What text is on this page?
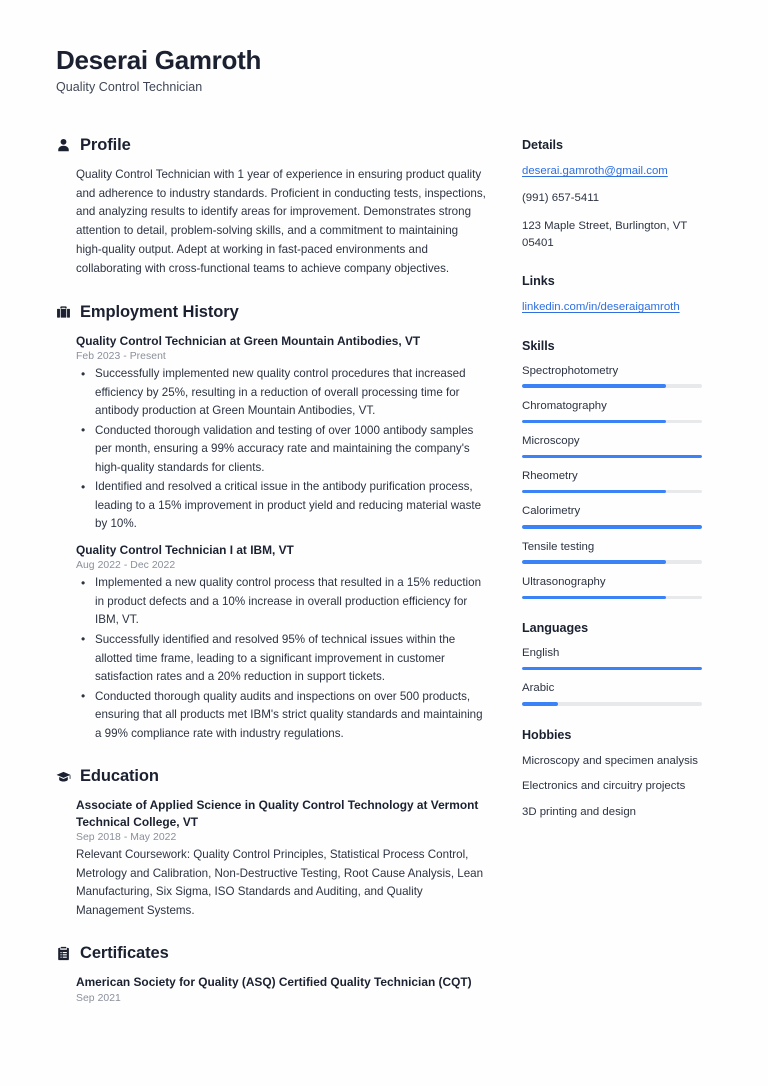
Deserai Gamroth
Quality Control Technician
Profile
Quality Control Technician with 1 year of experience in ensuring product quality and adherence to industry standards. Proficient in conducting tests, inspections, and analyzing results to identify areas for improvement. Demonstrates strong attention to detail, problem-solving skills, and a commitment to maintaining high-quality output. Adept at working in fast-paced environments and collaborating with cross-functional teams to achieve company objectives.
Employment History
Quality Control Technician at Green Mountain Antibodies, VT
Feb 2023 - Present
• Successfully implemented new quality control procedures that increased efficiency by 25%, resulting in a reduction of overall processing time for antibody production at Green Mountain Antibodies, VT.
• Conducted thorough validation and testing of over 1000 antibody samples per month, ensuring a 99% accuracy rate and maintaining the company's high-quality standards for clients.
• Identified and resolved a critical issue in the antibody purification process, leading to a 15% improvement in product yield and reducing material waste by 10%.
Quality Control Technician I at IBM, VT
Aug 2022 - Dec 2022
• Implemented a new quality control process that resulted in a 15% reduction in product defects and a 10% increase in overall production efficiency for IBM, VT.
• Successfully identified and resolved 95% of technical issues within the allotted time frame, leading to a significant improvement in customer satisfaction rates and a 20% reduction in support tickets.
• Conducted thorough quality audits and inspections on over 500 products, ensuring that all products met IBM's strict quality standards and maintaining a 99% compliance rate with industry regulations.
Education
Associate of Applied Science in Quality Control Technology at Vermont Technical College, VT
Sep 2018 - May 2022
Relevant Coursework: Quality Control Principles, Statistical Process Control, Metrology and Calibration, Non-Destructive Testing, Root Cause Analysis, Lean Manufacturing, Six Sigma, ISO Standards and Auditing, and Quality Management Systems.
Certificates
American Society for Quality (ASQ) Certified Quality Technician (CQT)
Sep 2021
Details
deserai.gamroth@gmail.com
(991) 657-5411
123 Maple Street, Burlington, VT 05401
Links
linkedin.com/in/deseraigamroth
Skills
Spectrophotometry
Chromatography
Microscopy
Rheometry
Calorimetry
Tensile testing
Ultrasonography
Languages
English
Arabic
Hobbies
Microscopy and specimen analysis
Electronics and circuitry projects
3D printing and design
